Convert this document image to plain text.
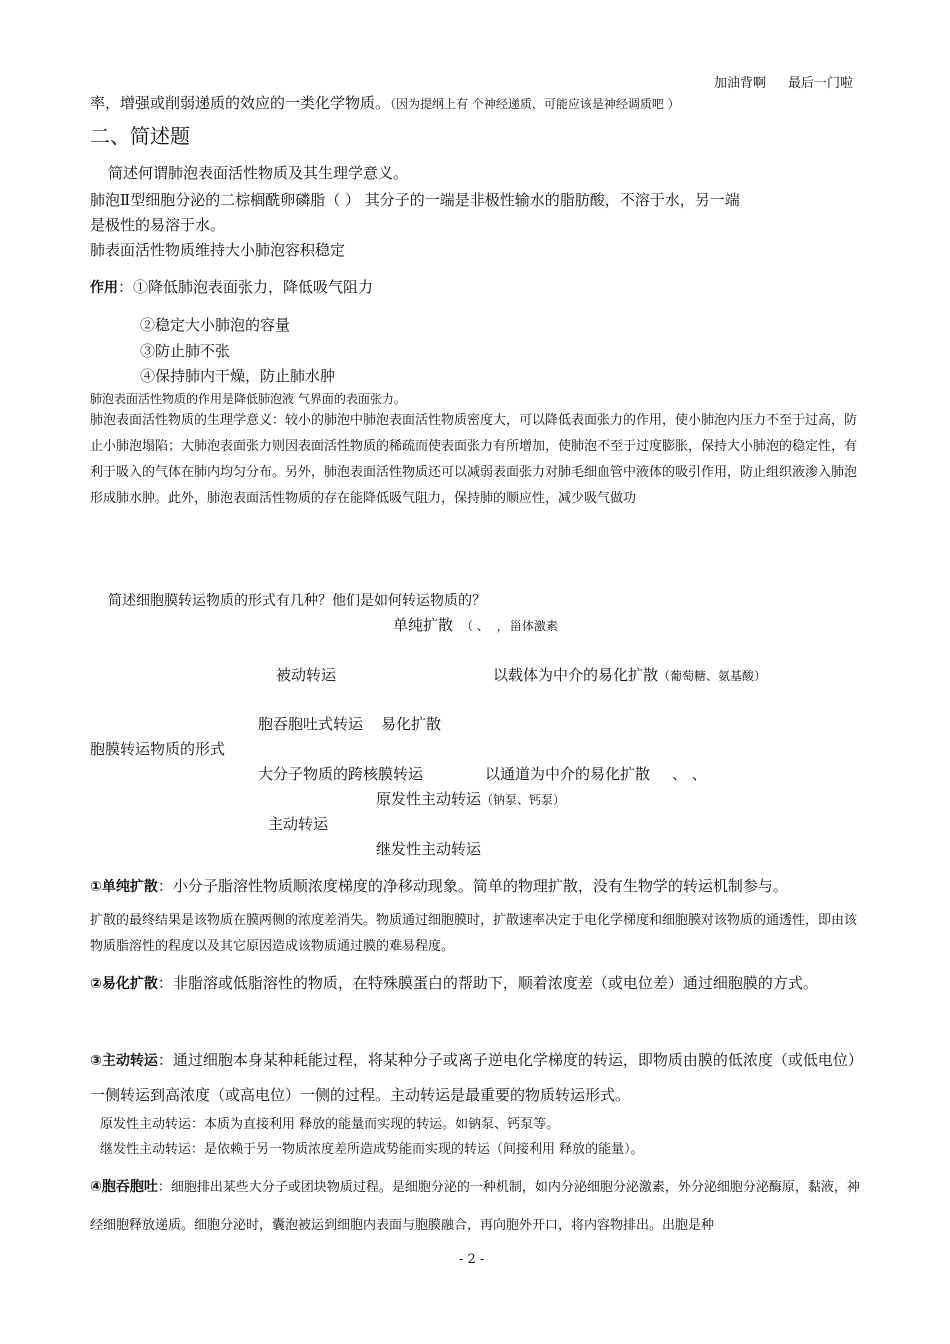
加油背啊 最后一门啦
率，增强或削弱递质的效应的一类化学物质。（因为提纲上有 个神经递质，可能应该是神经调质吧 ）
二、简述题
简述何谓肺泡表面活性物质及其生理学意义。
肺泡Ⅱ型细胞分泌的二棕榈酰卵磷脂（ ） 其分子的一端是非极性输水的脂肪酸，不溶于水，另一端
是极性的易溶于水。
肺表面活性物质维持大小肺泡容积稳定
作用：①降低肺泡表面张力，降低吸气阻力
②稳定大小肺泡的容量
③防止肺不张
④保持肺内干燥，防止肺水肿
肺泡表面活性物质的作用是降低肺泡液 气界面的表面张力。
肺泡表面活性物质的生理学意义：较小的肺泡中肺泡表面活性物质密度大，可以降低表面张力的作用，使小肺泡内压力不至于过高，防止小肺泡塌陷；大肺泡表面张力则因表面活性物质的稀疏而使表面张力有所增加，使肺泡不至于过度膨胀，保持大小肺泡的稳定性，有利于吸入的气体在肺内均匀分布。另外，肺泡表面活性物质还可以减弱表面张力对肺毛细血管中液体的吸引作用，防止组织液渗入肺泡形成肺水肿。此外，肺泡表面活性物质的存在能降低吸气阻力，保持肺的顺应性，减少吸气做功
简述细胞膜转运物质的形式有几种？他们是如何转运物质的？
单纯扩散 （ 、 ， 甾体激素
被动转运	以载体为中介的易化扩散（葡萄糖、氨基酸）
胞吞胞吐式转运 易化扩散
胞膜转运物质的形式
大分子物质的跨核膜转运	以通道为中介的易化扩散 、 、
原发性主动转运（钠泵、钙泵）
主动转运
继发性主动转运
①单纯扩散：小分子脂溶性物质顺浓度梯度的净移动现象。简单的物理扩散，没有生物学的转运机制参与。
扩散的最终结果是该物质在膜两侧的浓度差消失。物质通过细胞膜时，扩散速率决定于电化学梯度和细胞膜对该物质的通透性，即由该物质脂溶性的程度以及其它原因造成该物质通过膜的难易程度。
②易化扩散：非脂溶或低脂溶性的物质，在特殊膜蛋白的帮助下，顺着浓度差（或电位差）通过细胞膜的方式。
③主动转运：通过细胞本身某种耗能过程，将某种分子或离子逆电化学梯度的转运，即物质由膜的低浓度（或低电位）一侧转运到高浓度（或高电位）一侧的过程。主动转运是最重要的物质转运形式。
原发性主动转运：本质为直接利用 释放的能量而实现的转运。如钠泵、钙泵等。
继发性主动转运：是依赖于另一物质浓度差所造成势能而实现的转运（间接利用 释放的能量）。
④胞吞胞吐：细胞排出某些大分子或团块物质过程。是细胞分泌的一种机制，如内分泌细胞分泌激素，外分泌细胞分泌酶原，黏液，神经细胞释放递质。细胞分泌时，囊泡被运到细胞内表面与胞膜融合，再向胞外开口，将内容物排出。出胞是种
- 2 -
